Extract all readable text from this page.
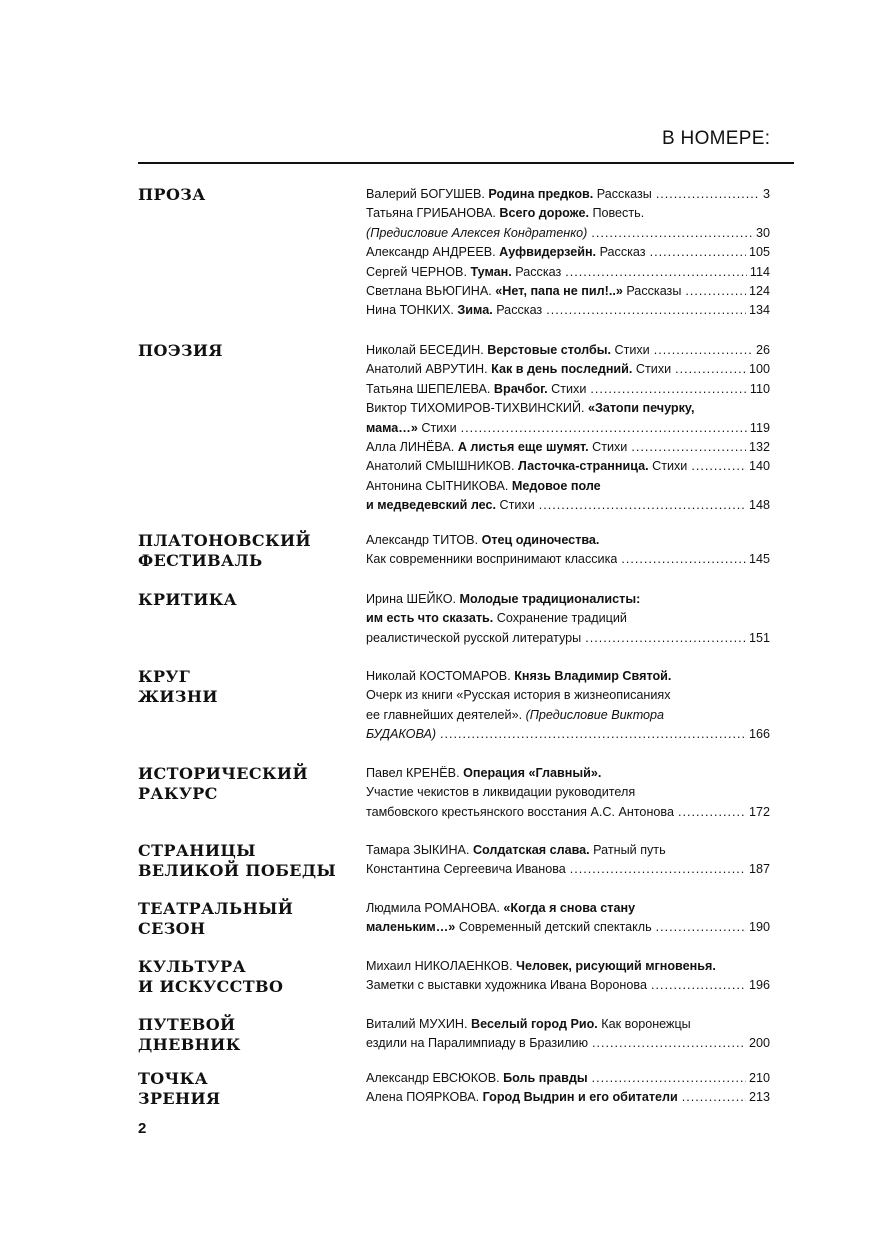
В НОМЕРЕ:
ПРОЗА	Валерий БОГУШЕВ. Родина предков. Рассказы .....	3
Татьяна ГРИБАНОВА. Всего дороже. Повесть.
(Предисловие Алексея Кондратенко) .....	30
Александр АНДРЕЕВ. Ауфвидерзейн. Рассказ .....	105
Сергей ЧЕРНОВ. Туман. Рассказ .....	114
Светлана ВЬЮГИНА. «Нет, папа не пил!..» Рассказы .....	124
Нина ТОНКИХ. Зима. Рассказ .....	134
ПОЭЗИЯ	Николай БЕСЕДИН. Верстовые столбы. Стихи .....	26
Анатолий АВРУТИН. Как в день последний. Стихи .....	100
Татьяна ШЕПЕЛЕВА. Врачбог. Стихи .....	110
Виктор ТИХОМИРОВ-ТИХВИНСКИЙ. «Затопи печурку,
мама…» Стихи .....	119
Алла ЛИНЁВА. А листья еще шумят. Стихи .....	132
Анатолий СМЫШНИКОВ. Ласточка-странница. Стихи .....	140
Антонина СЫТНИКОВА. Медовое поле
и медведевский лес. Стихи .....	148
ПЛАТОНОВСКИЙ
ФЕСТИВАЛЬ
Александр ТИТОВ. Отец одиночества.
Как современники воспринимают классика .....	145
КРИТИКА	Ирина ШЕЙКО. Молодые традиционалисты:
им есть что сказать. Сохранение традиций
реалистической русской литературы .....	151
КРУГ
ЖИЗНИ
Николай КОСТОМАРОВ. Князь Владимир Святой.
Очерк из книги «Русская история в жизнеописаниях
ее главнейших деятелей». (Предисловие Виктора
БУДАКОВА) .....	166
ИСТОРИЧЕСКИЙ
РАКУРС
Павел КРЕНЁВ. Операция «Главный».
Участие чекистов в ликвидации руководителя
тамбовского крестьянского восстания А.С. Антонова .....	172
СТРАНИЦЫ
ВЕЛИКОЙ ПОБЕДЫ
Тамара ЗЫКИНА. Солдатская слава. Ратный путь
Константина Сергеевича Иванова .....	187
ТЕАТРАЛЬНЫЙ
СЕЗОН
Людмила РОМАНОВА. «Когда я снова стану
маленьким…» Современный детский спектакль .....	190
КУЛЬТУРА
И ИСКУССТВО
Михаил НИКОЛАЕНКОВ. Человек, рисующий мгновенья.
Заметки с выставки художника Ивана Воронова .....	196
ПУТЕВОЙ
ДНЕВНИК
Виталий МУХИН. Веселый город Рио. Как воронежцы
ездили на Паралимпиаду в Бразилию .....	200
ТОЧКА
ЗРЕНИЯ
Александр ЕВСЮКОВ. Боль правды .....	210
Алена ПОЯРКОВА. Город Выдрин и его обитатели .....	213
2
